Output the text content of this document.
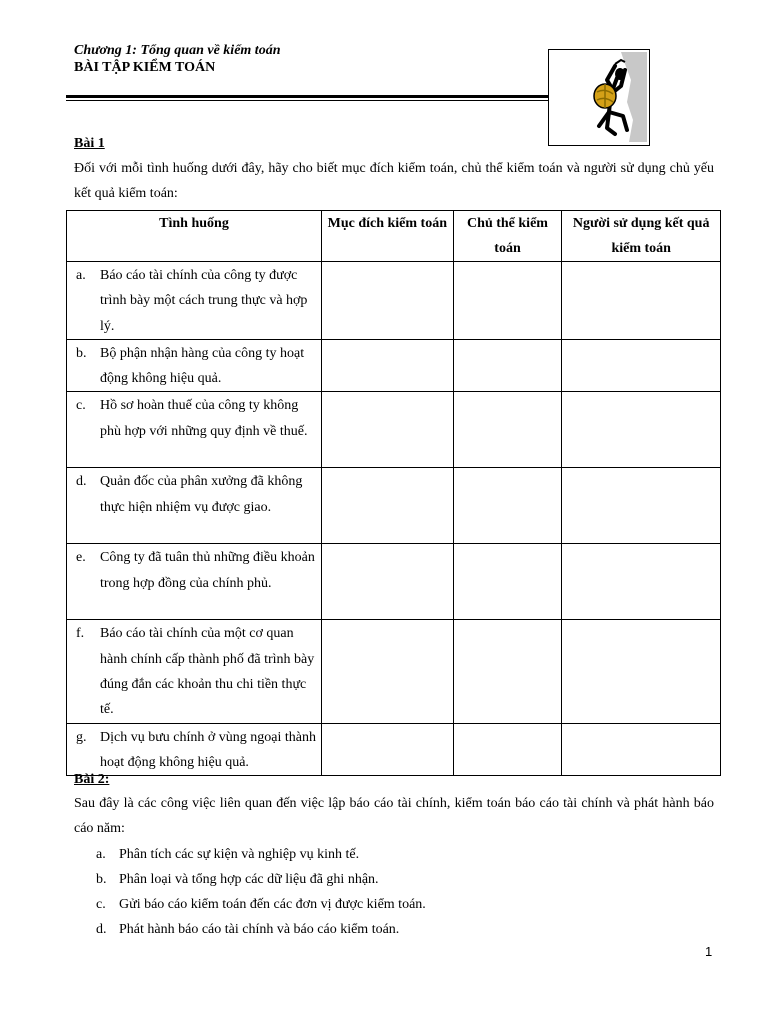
Chương 1: Tổng quan về kiểm toán
BÀI TẬP KIỂM TOÁN
Bài 1
Đối với mỗi tình huống dưới đây, hãy cho biết mục đích kiểm toán, chủ thể kiểm toán và người sử dụng chủ yếu kết quả kiểm toán:
Tình huống	Mục đích kiểm toán	Chủ thể kiểm toán	Người sử dụng kết quả kiểm toán

a. Báo cáo tài chính của công ty được trình bày một cách trung thực và hợp lý.			

b. Bộ phận nhận hàng của công ty hoạt động không hiệu quả.			

c. Hồ sơ hoàn thuế của công ty không phù hợp với những quy định về thuế.			

d. Quản đốc của phân xưởng đã không thực hiện nhiệm vụ được giao.			

e. Công ty đã tuân thủ những điều khoản trong hợp đồng của chính phủ.			

f. Báo cáo tài chính của một cơ quan hành chính cấp thành phố đã trình bày đúng đắn các khoản thu chi tiền thực tế.			

g. Dịch vụ bưu chính ở vùng ngoại thành hoạt động không hiệu quả.			

Bài 2:
Sau đây là các công việc liên quan đến việc lập báo cáo tài chính, kiểm toán báo cáo tài chính và phát hành báo cáo năm:
a. Phân tích các sự kiện và nghiệp vụ kinh tế.
b. Phân loại và tổng hợp các dữ liệu đã ghi nhận.
c. Gửi báo cáo kiểm toán đến các đơn vị được kiểm toán.
d. Phát hành báo cáo tài chính và báo cáo kiểm toán.
1
